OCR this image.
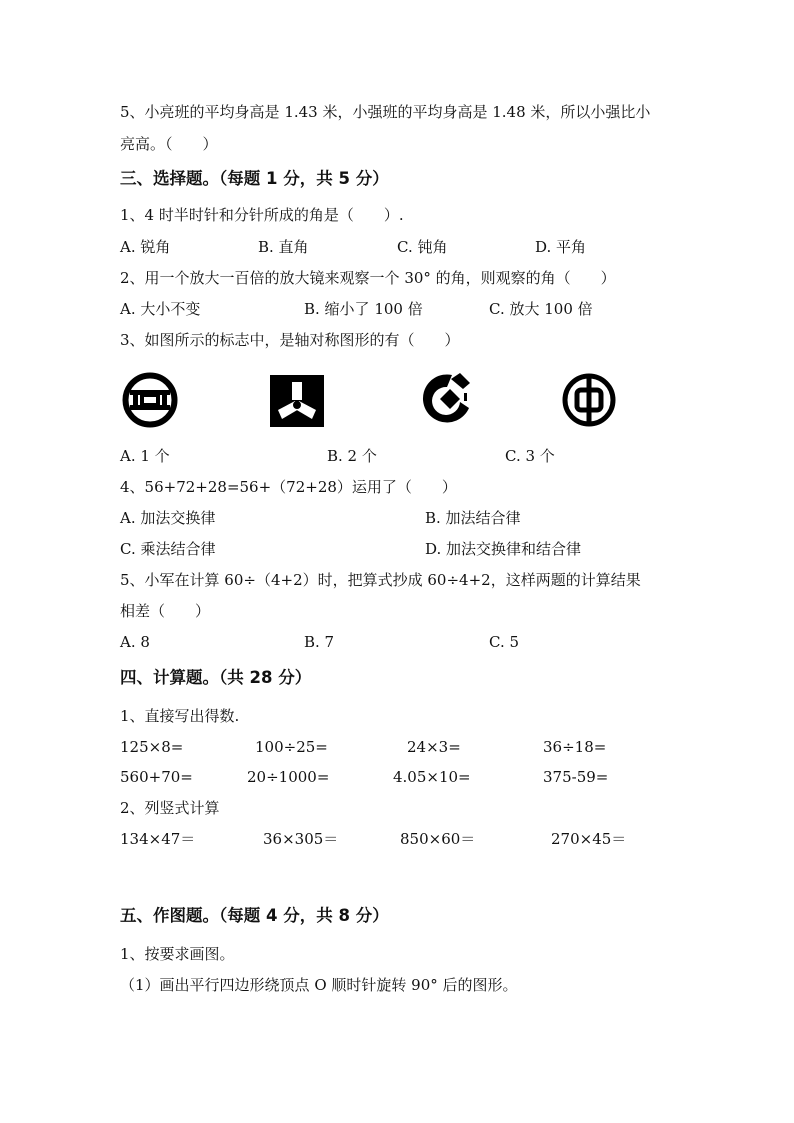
5、小亮班的平均身高是 1.43 米，小强班的平均身高是 1.48 米，所以小强比小
亮高。（　　）
三、选择题。（每题 1 分，共 5 分）
1、4 时半时针和分针所成的角是（　　）.
A. 锐角	B. 直角	C. 钝角	D. 平角
2、用一个放大一百倍的放大镜来观察一个 30° 的角，则观察的角（　　）
A. 大小不变	B. 缩小了 100 倍	C. 放大 100 倍
3、如图所示的标志中，是轴对称图形的有（　　）
A. 1 个	B. 2 个	C. 3 个
4、56+72+28=56+（72+28）运用了（　　）
A. 加法交换律	B. 加法结合律
C. 乘法结合律	D. 加法交换律和结合律
5、小军在计算 60÷（4+2）时，把算式抄成 60÷4+2，这样两题的计算结果
相差（　　）
A. 8	B. 7	C. 5
四、计算题。（共 28 分）
1、直接写出得数.
125×8=	100÷25=	24×3=	36÷18=
560+70=	20÷1000=	4.05×10=	375-59=
2、列竖式计算
134×47＝	36×305＝	850×60＝	270×45＝
五、作图题。（每题 4 分，共 8 分）
1、按要求画图。
（1）画出平行四边形绕顶点 O 顺时针旋转 90° 后的图形。
